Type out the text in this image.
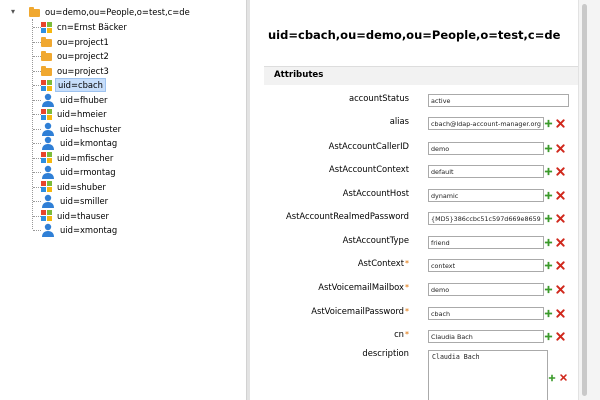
▾	ou=demo,ou=People,o=test,c=de
cn=Ernst Bäcker
ou=project1
ou=project2
ou=project3
uid=cbach
uid=fhuber
uid=hmeier
uid=hschuster
uid=kmontag
uid=mfischer
uid=rmontag
uid=shuber
uid=smiller
uid=thauser
uid=xmontag
uid=cbach,ou=demo,ou=People,o=test,c=de
Attributes
accountStatus
active
alias
cbach@ldap-account-manager.org
AstAccountCallerID
demo
AstAccountContext
default
AstAccountHost
dynamic
AstAccountRealmedPassword
{MD5}386ccbc51c597d669e8659c0
AstAccountType
friend
AstContext*
context
AstVoicemailMailbox*
demo
AstVoicemailPassword*
cbach
cn*
Claudia Bach
description
Claudia Bach
